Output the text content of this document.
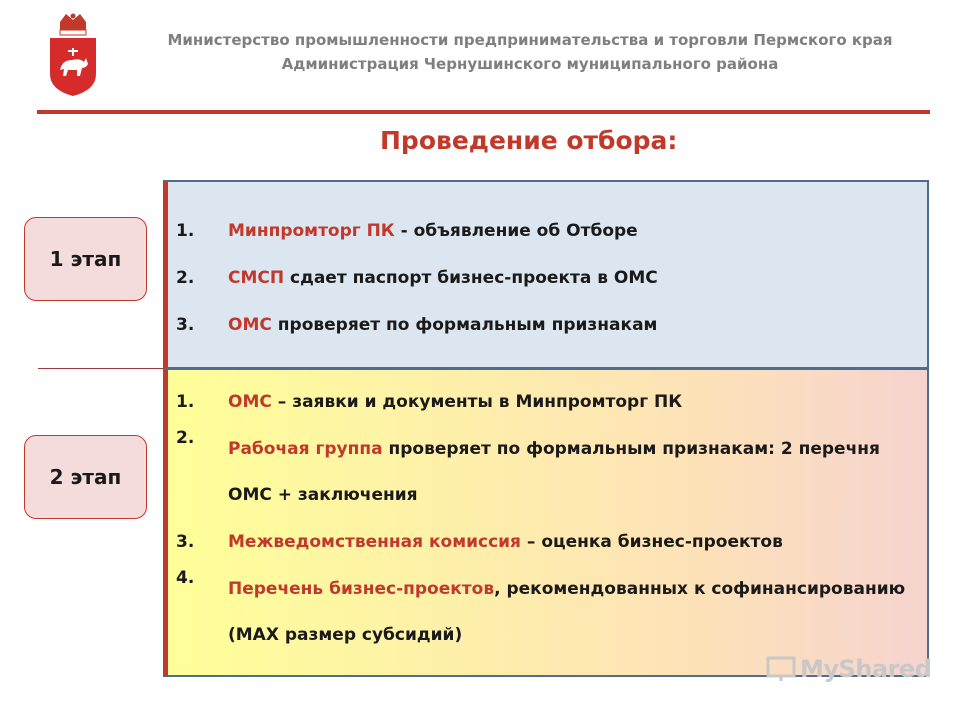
Министерство промышленности предпринимательства и торговли Пермского края
Администрация Чернушинского муниципального района
Проведение отбора:
1 этап
2 этап
1. Минпромторг ПК - объявление об Отборе
2. СМСП сдает паспорт бизнес-проекта в ОМС
3. ОМС проверяет по формальным признакам
1. ОМС – заявки и документы в Минпромторг ПК
2.
Рабочая группа проверяет по формальным признакам: 2 перечня ОМС + заключения
3. Межведомственная комиссия – оценка бизнес-проектов
4.
Перечень бизнес-проектов, рекомендованных к софинансированию (MAX размер субсидий)
MyShared
